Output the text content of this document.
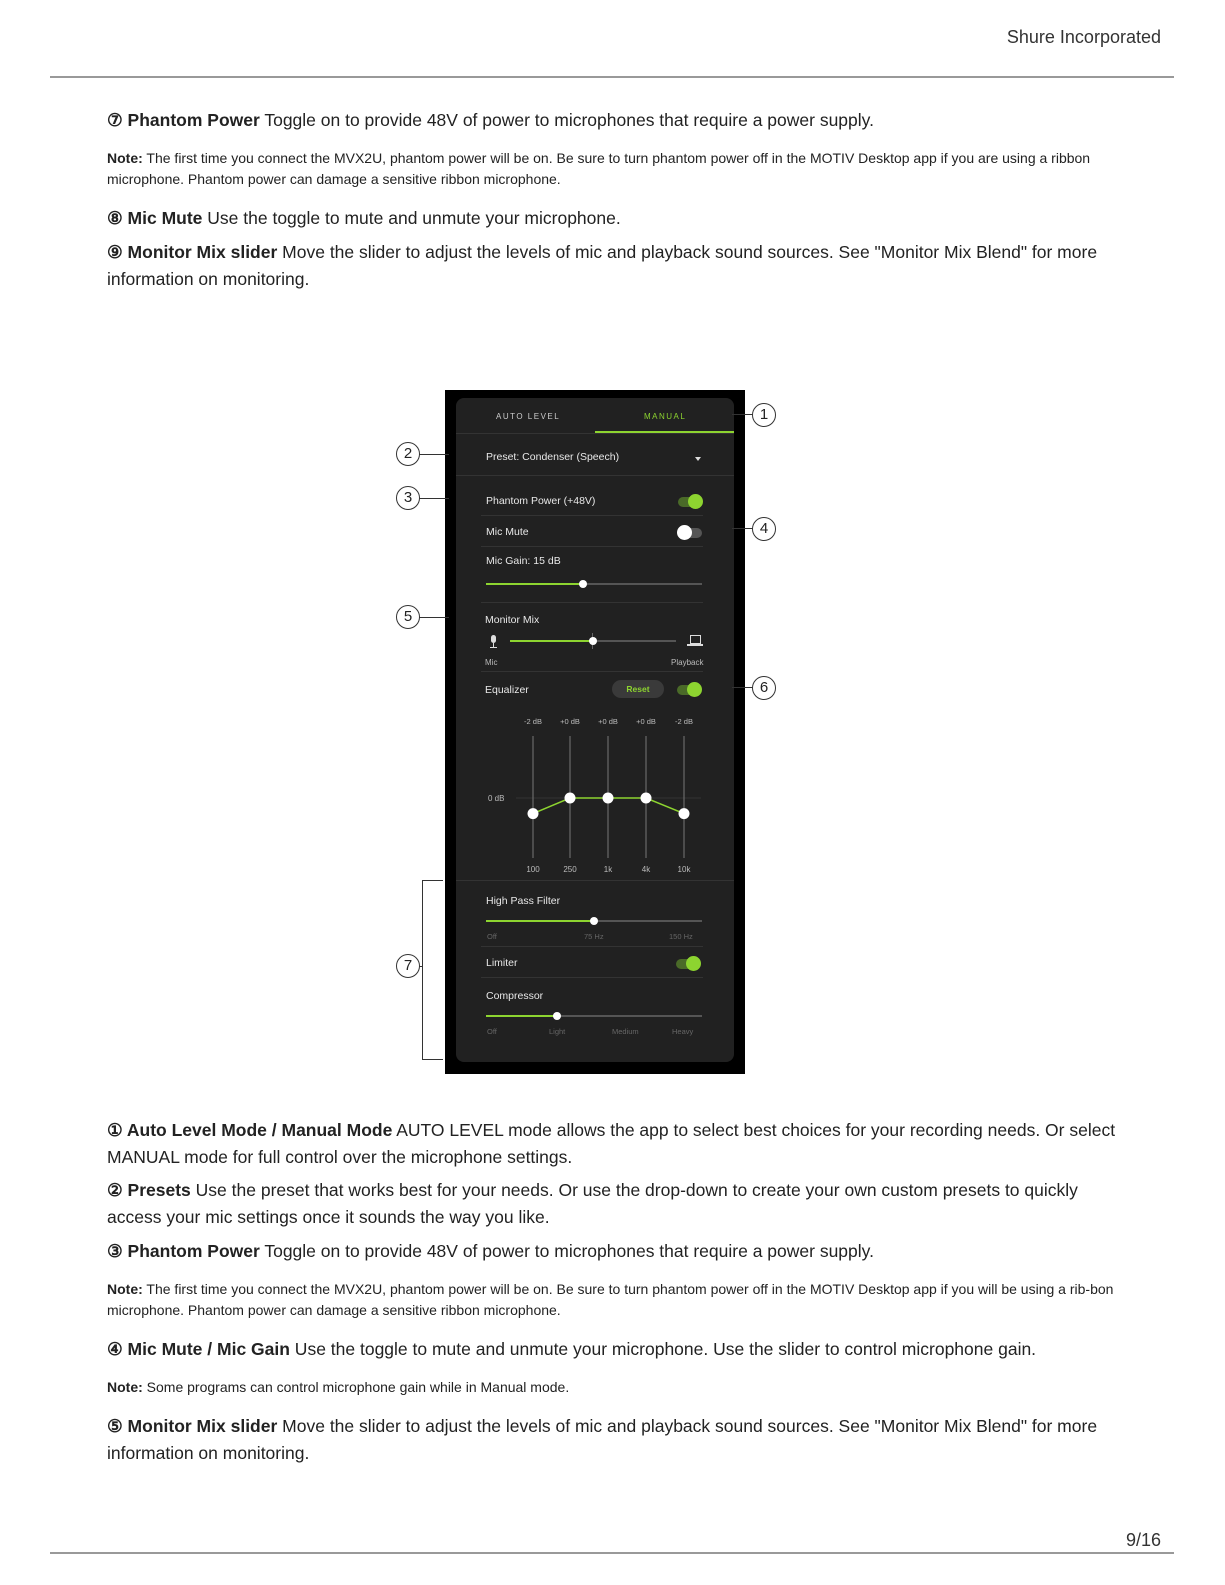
Shure Incorporated
⑦ Phantom Power Toggle on to provide 48V of power to microphones that require a power supply.
Note: The first time you connect the MVX2U, phantom power will be on. Be sure to turn phantom power off in the MOTIV Desktop app if you are using a ribbon microphone. Phantom power can damage a sensitive ribbon microphone.
⑧ Mic Mute Use the toggle to mute and unmute your microphone.
⑨ Monitor Mix slider Move the slider to adjust the levels of mic and playback sound sources. See "Monitor Mix Blend" for more information on monitoring.
AUTO LEVEL	MANUAL
Preset: Condenser (Speech)
Phantom Power (+48V)
Mic Mute
Mic Gain: 15 dB
Monitor Mix
Mic	Playback
Equalizer	Reset
0 dB
-2 dB
100
+0 dB
250
+0 dB
1k
+0 dB
4k
-2 dB
10k
High Pass Filter
Off	75 Hz	150 Hz
Limiter
Compressor
Off	Light	Medium	Heavy
1
2
3
4
5
6
7
① Auto Level Mode / Manual Mode AUTO LEVEL mode allows the app to select best choices for your recording needs. Or select MANUAL mode for full control over the microphone settings.
② Presets Use the preset that works best for your needs. Or use the drop-down to create your own custom presets to quickly access your mic settings once it sounds the way you like.
③ Phantom Power Toggle on to provide 48V of power to microphones that require a power supply.
Note: The first time you connect the MVX2U, phantom power will be on. Be sure to turn phantom power off in the MOTIV Desktop app if you will be using a rib-bon microphone. Phantom power can damage a sensitive ribbon microphone.
④ Mic Mute / Mic Gain Use the toggle to mute and unmute your microphone. Use the slider to control microphone gain.
Note: Some programs can control microphone gain while in Manual mode.
⑤ Monitor Mix slider Move the slider to adjust the levels of mic and playback sound sources. See "Monitor Mix Blend" for more information on monitoring.
9/16
